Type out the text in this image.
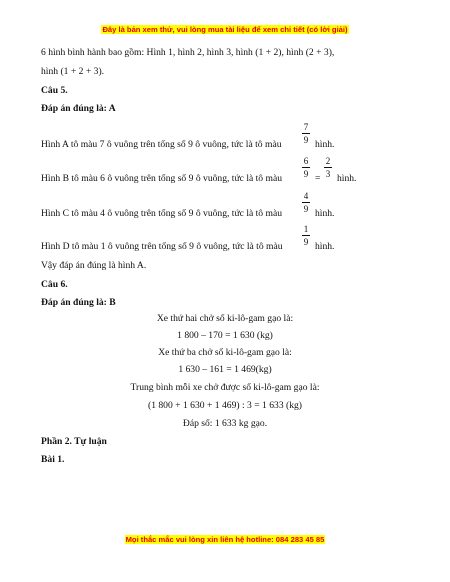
Đây là bản xem thử, vui lòng mua tài liệu để xem chi tiết (có lời giải)
6 hình bình hành bao gồm: Hình 1, hình 2, hình 3, hình (1 + 2), hình (2 + 3),
hình (1 + 2 + 3).
Câu 5.
Đáp án đúng là: A
Hình A tô màu 7 ô vuông trên tổng số 9 ô vuông, tức là tô màu
7
9 hình.
Hình B tô màu 6 ô vuông trên tổng số 9 ô vuông, tức là tô màu
6
9 =
2
3 hình.
Hình C tô màu 4 ô vuông trên tổng số 9 ô vuông, tức là tô màu
4
9 hình.
Hình D tô màu 1 ô vuông trên tổng số 9 ô vuông, tức là tô màu
1
9 hình.
Vậy đáp án đúng là hình A.
Câu 6.
Đáp án đúng là: B
Xe thứ hai chở số ki-lô-gam gạo là:
1 800 – 170 = 1 630 (kg)
Xe thứ ba chở số ki-lô-gam gạo là:
1 630 – 161 = 1 469(kg)
Trung bình mỗi xe chở được số ki-lô-gam gạo là:
(1 800 + 1 630 + 1 469) : 3 = 1 633 (kg)
Đáp số: 1 633 kg gạo.
Phần 2. Tự luận
Bài 1.
Mọi thắc mắc vui lòng xin liên hệ hotline: 084 283 45 85
